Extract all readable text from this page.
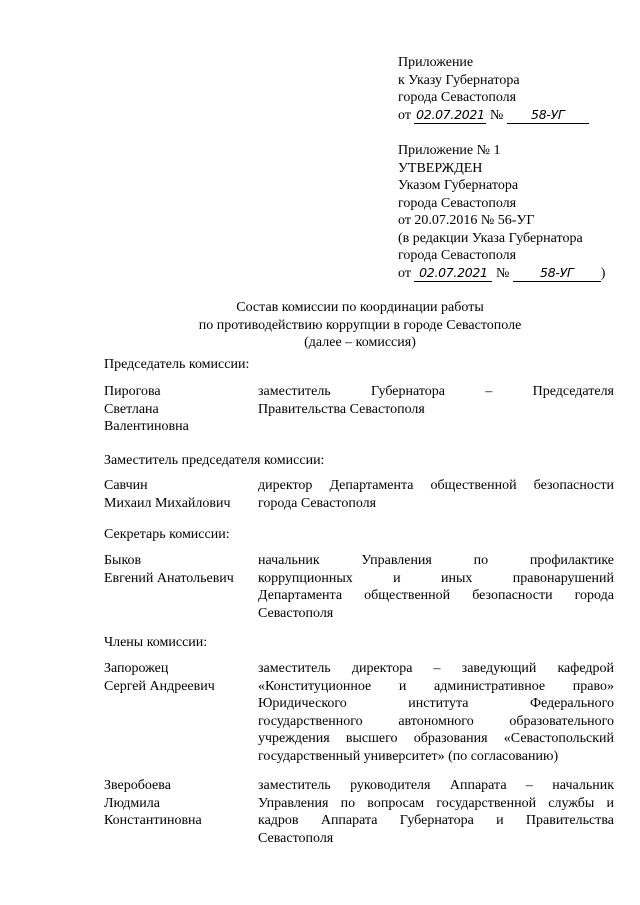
Приложение
к Указу Губернатора
города Севастополя
от 02.07.2021 № 58-УГ
Приложение № 1
УТВЕРЖДЕН
Указом Губернатора
города Севастополя
от 20.07.2016 № 56-УГ
(в редакции Указа Губернатора
города Севастополя
от 02.07.2021 № 58-УГ )
Состав комиссии по координации работы
по противодействию коррупции в городе Севастополе
(далее – комиссия)
Председатель комиссии:
Пирогова
Светлана
Валентиновна
заместитель Губернатора – Председателя
Правительства Севастополя
Заместитель председателя комиссии:
Савчин
Михаил Михайлович
директор Департамента общественной безопасности
города Севастополя
Секретарь комиссии:
Быков
Евгений Анатольевич
начальник Управления по профилактике
коррупционных и иных правонарушений
Департамента общественной безопасности города
Севастополя
Члены комиссии:
Запорожец
Сергей Андреевич
заместитель директора – заведующий кафедрой
«Конституционное и административное право»
Юридического института Федерального
государственного автономного образовательного
учреждения высшего образования «Севастопольский
государственный университет» (по согласованию)
Зверобоева
Людмила
Константиновна
заместитель руководителя Аппарата – начальник
Управления по вопросам государственной службы и
кадров Аппарата Губернатора и Правительства
Севастополя
